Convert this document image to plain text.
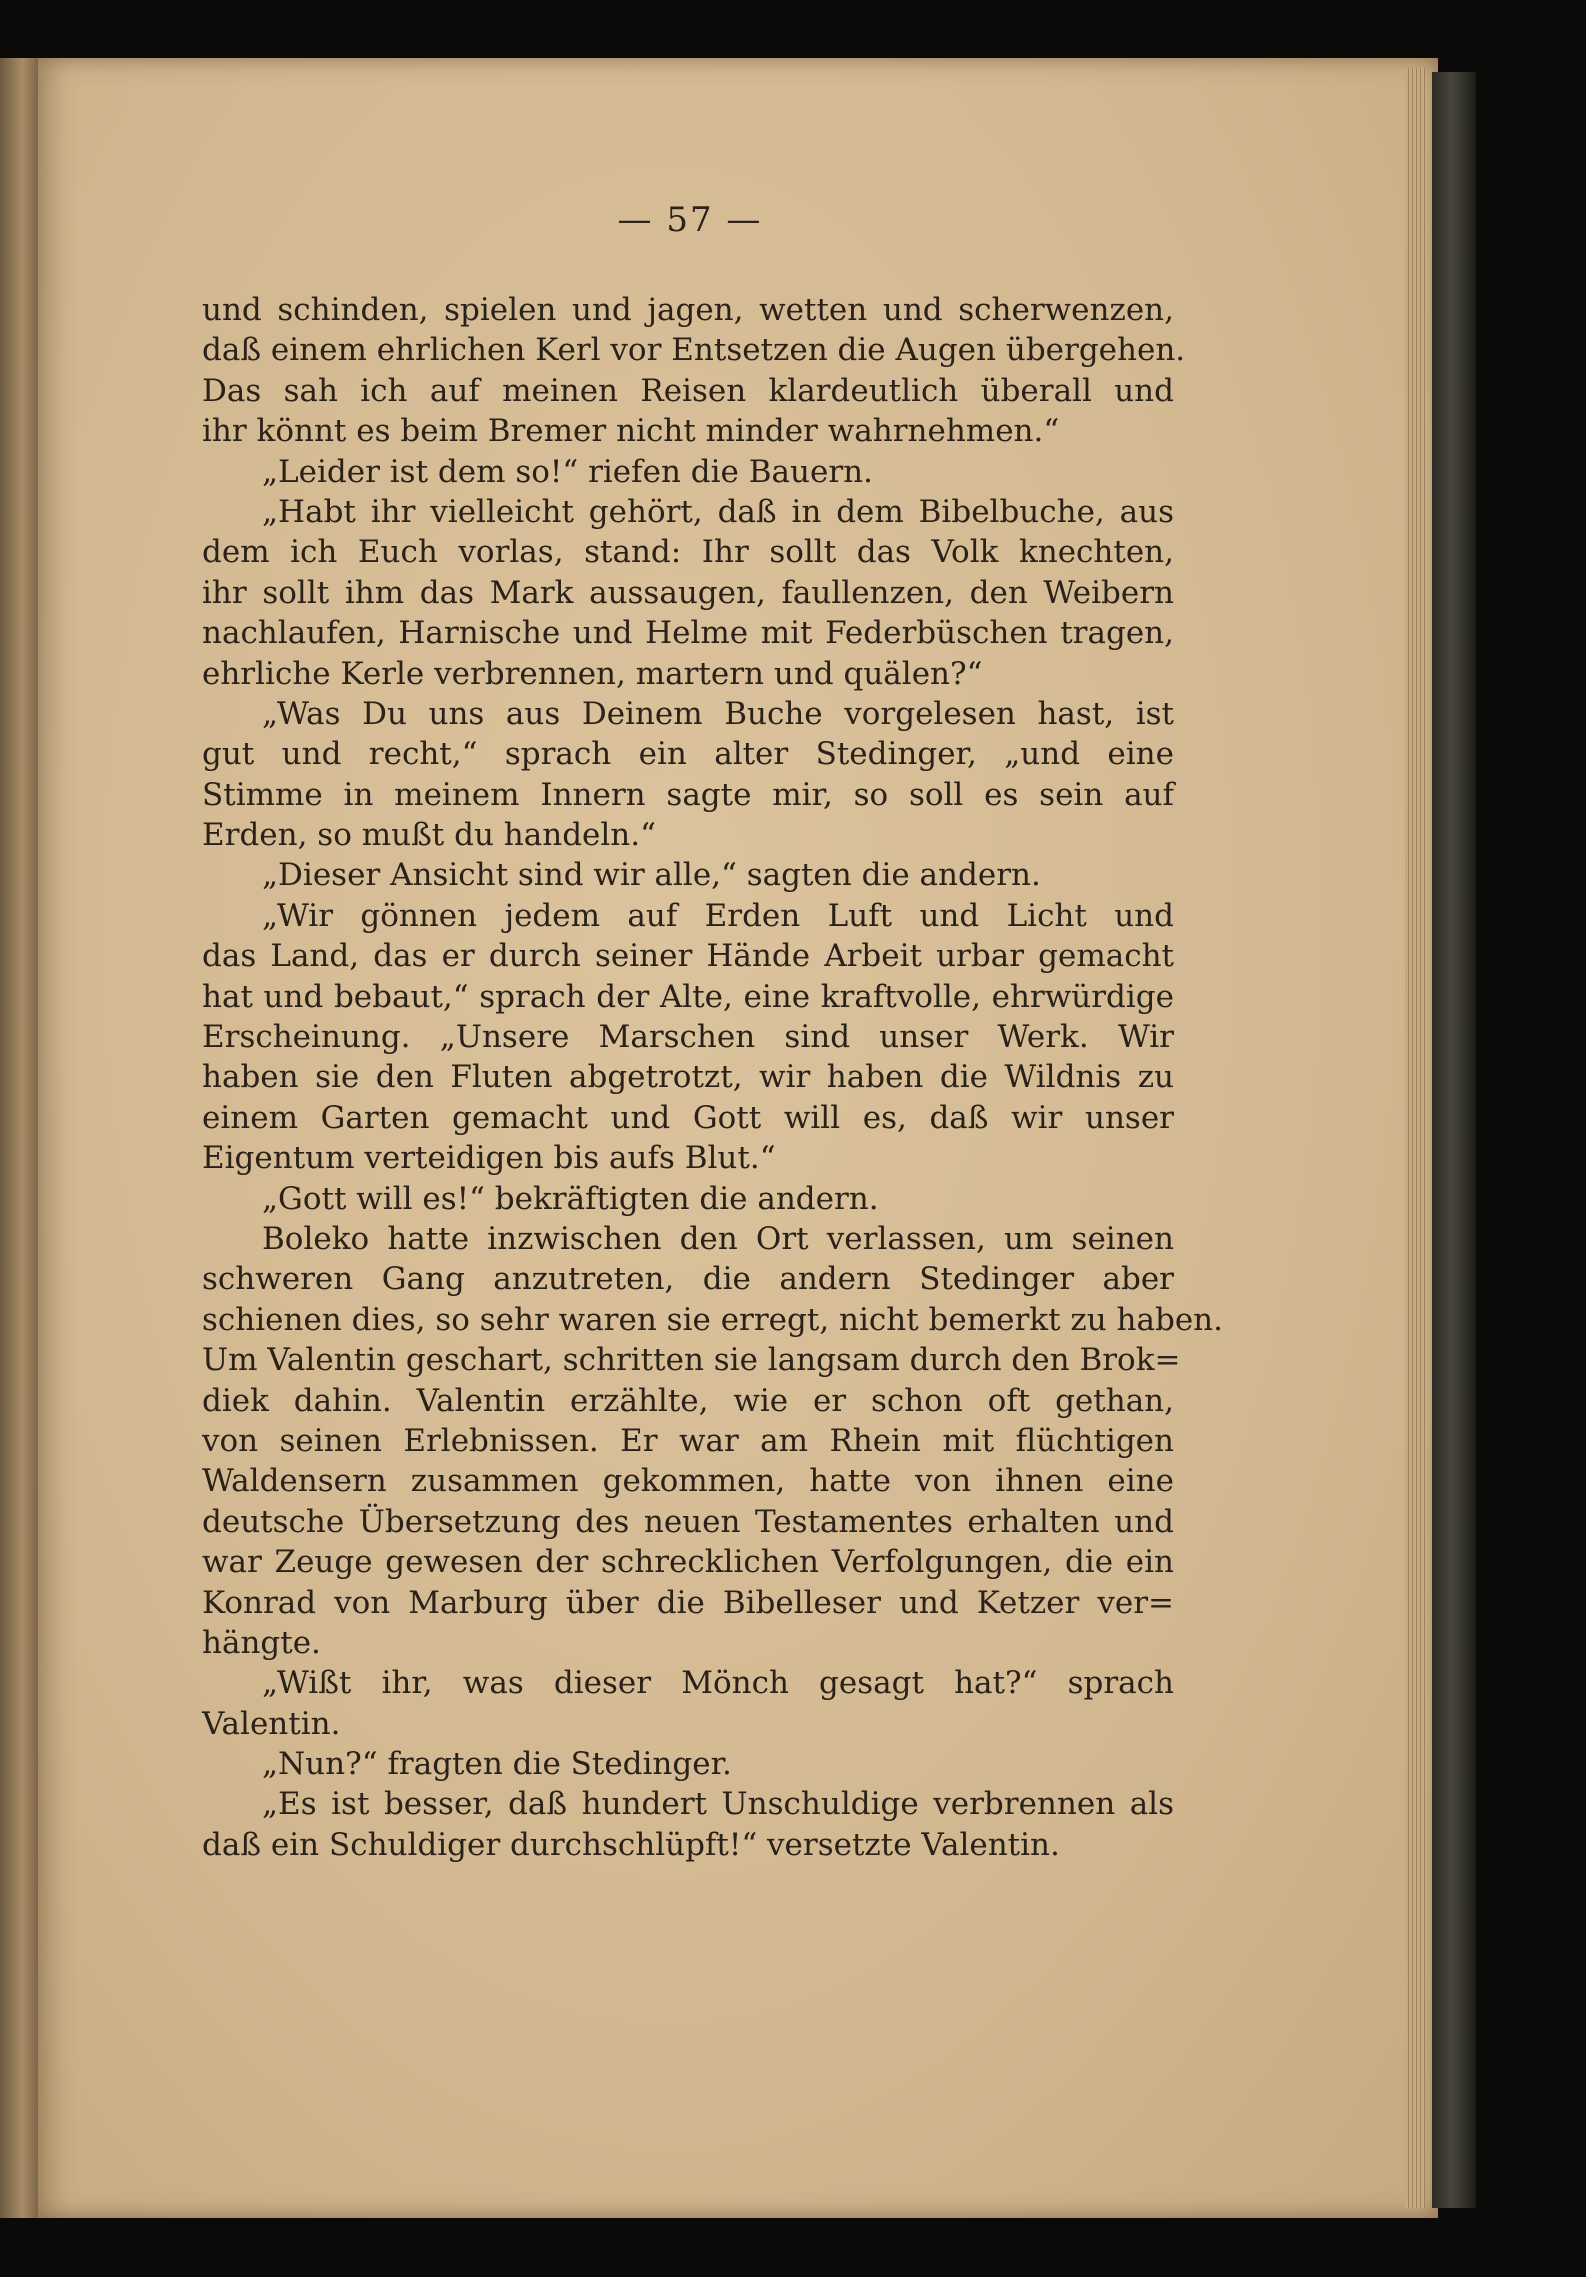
— 57 —
und schinden, spielen und jagen, wetten und scherwenzen,
daß einem ehrlichen Kerl vor Entsetzen die Augen übergehen.
Das sah ich auf meinen Reisen klardeutlich überall und
ihr könnt es beim Bremer nicht minder wahrnehmen.“
„Leider ist dem so!“ riefen die Bauern.
„Habt ihr vielleicht gehört, daß in dem Bibelbuche, aus
dem ich Euch vorlas, stand: Ihr sollt das Volk knechten,
ihr sollt ihm das Mark aussaugen, faullenzen, den Weibern
nachlaufen, Harnische und Helme mit Federbüschen tragen,
ehrliche Kerle verbrennen, martern und quälen?“
„Was Du uns aus Deinem Buche vorgelesen hast, ist
gut und recht,“ sprach ein alter Stedinger, „und eine
Stimme in meinem Innern sagte mir, so soll es sein auf
Erden, so mußt du handeln.“
„Dieser Ansicht sind wir alle,“ sagten die andern.
„Wir gönnen jedem auf Erden Luft und Licht und
das Land, das er durch seiner Hände Arbeit urbar gemacht
hat und bebaut,“ sprach der Alte, eine kraftvolle, ehrwürdige
Erscheinung. „Unsere Marschen sind unser Werk. Wir
haben sie den Fluten abgetrotzt, wir haben die Wildnis zu
einem Garten gemacht und Gott will es, daß wir unser
Eigentum verteidigen bis aufs Blut.“
„Gott will es!“ bekräftigten die andern.
Boleko hatte inzwischen den Ort verlassen, um seinen
schweren Gang anzutreten, die andern Stedinger aber
schienen dies, so sehr waren sie erregt, nicht bemerkt zu haben.
Um Valentin geschart, schritten sie langsam durch den Brok=
diek dahin. Valentin erzählte, wie er schon oft gethan,
von seinen Erlebnissen. Er war am Rhein mit flüchtigen
Waldensern zusammen gekommen, hatte von ihnen eine
deutsche Übersetzung des neuen Testamentes erhalten und
war Zeuge gewesen der schrecklichen Verfolgungen, die ein
Konrad von Marburg über die Bibelleser und Ketzer ver=
hängte.
„Wißt ihr, was dieser Mönch gesagt hat?“ sprach
Valentin.
„Nun?“ fragten die Stedinger.
„Es ist besser, daß hundert Unschuldige verbrennen als
daß ein Schuldiger durchschlüpft!“ versetzte Valentin.
